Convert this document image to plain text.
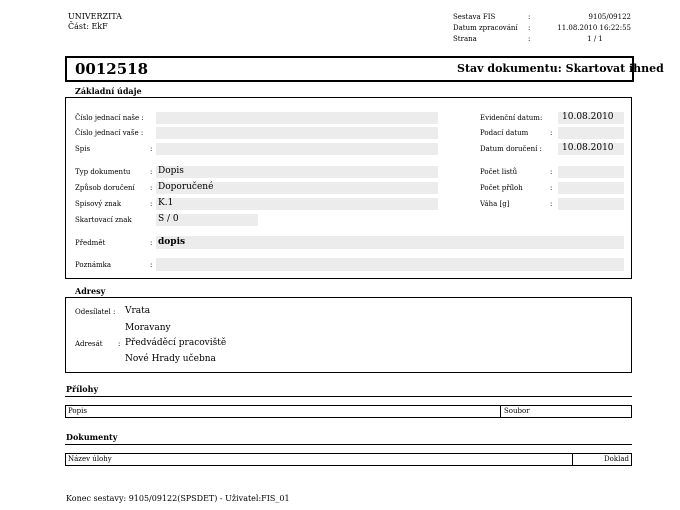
UNIVERZITA
Část: EkF
Sestava FIS	:	9105/09122
Datum zpracování :	11.08.2010 16:22:55
Strana	:	1 / 1
0012518	Stav dokumentu: Skartovat ihned
Základní údaje
Číslo jednací naše :
Číslo jednací vaše :
Spis	:
Typ dokumentu	: Dopis
Způsob doručení : Doporučené
Spisový znak	: K.1
Skartovací znak	S / 0
Předmět	: dopis
Poznámka	:
Evidenční datum: 10.08.2010
Podací datum	:
Datum doručení : 10.08.2010
Počet listů	:
Počet příloh	:
Váha [g]	:
Adresy
Odesílatel : Vrata
Moravany
Adresát : Předváděcí pracoviště
Nové Hrady učebna
Přílohy
Popis	Soubor
Dokumenty
Název úlohy	Doklad
Konec sestavy: 9105/09122(SPSDET) - Uživatel:FIS_01
